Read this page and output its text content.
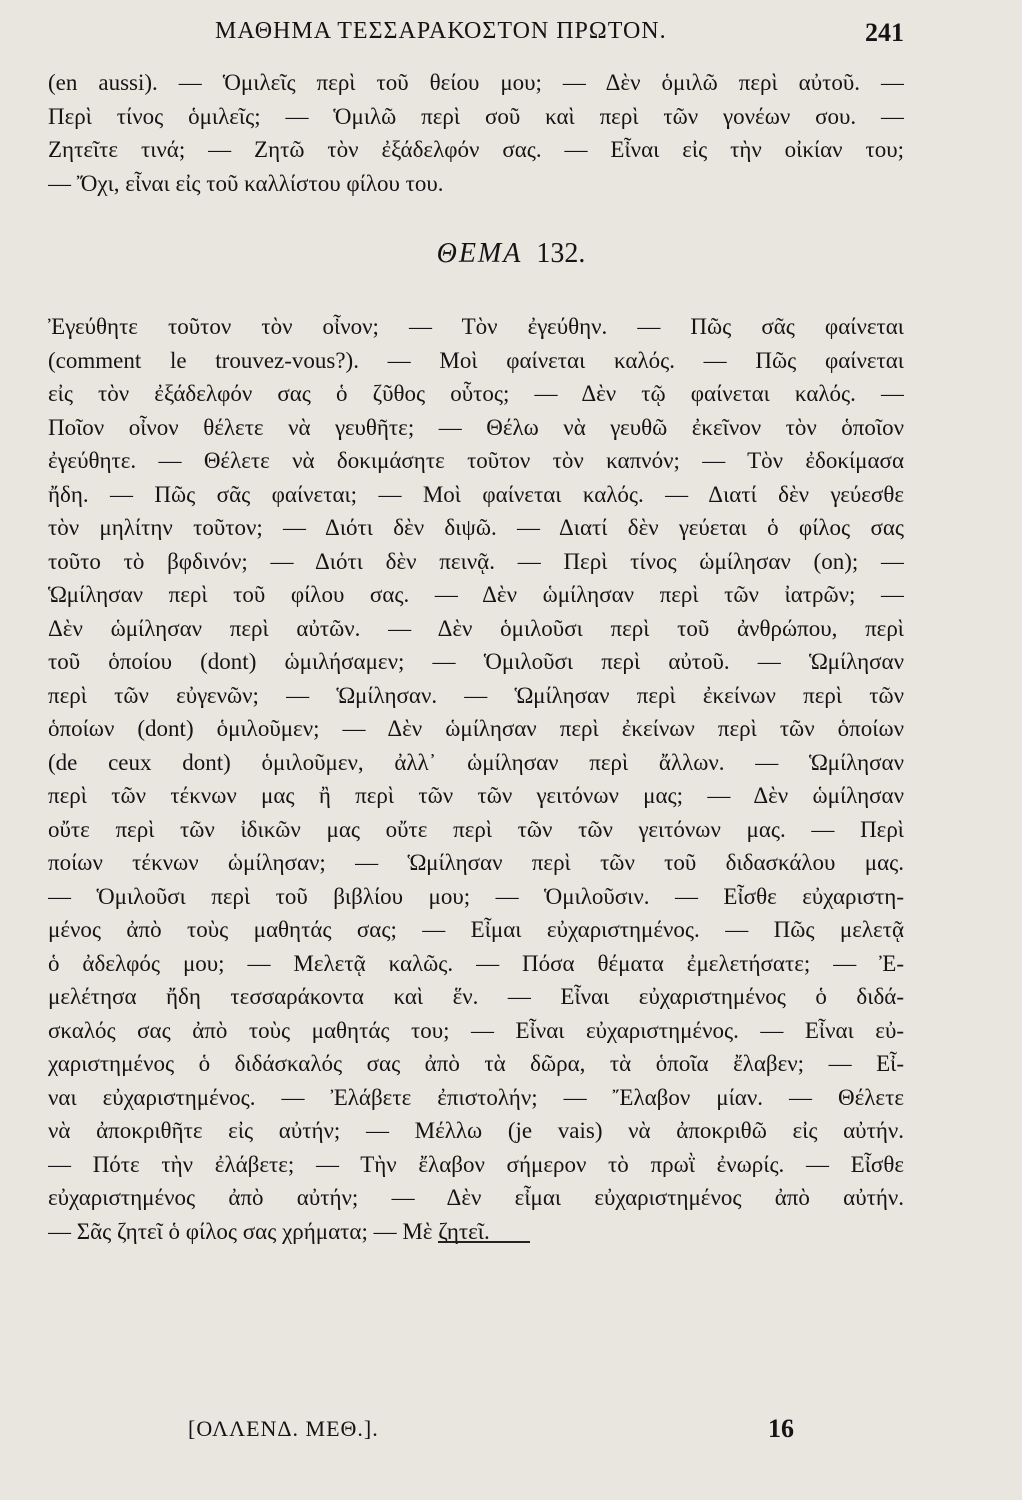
ΜΑΘΗΜΑ ΤΕΣΣΑΡΑΚΟΣΤΟΝ ΠΡΩΤΟΝ.	241
(en aussi). — Ὁμιλεῖς περὶ τοῦ θείου μου; — Δὲν ὁμιλῶ περὶ αὐτοῦ. —
Περὶ τίνος ὁμιλεῖς; — Ὁμιλῶ περὶ σοῦ καὶ περὶ τῶν γονέων σου. —
Ζητεῖτε τινά; — Ζητῶ τὸν ἐξάδελφόν σας. — Εἶναι εἰς τὴν οἰκίαν του;
— Ὄχι, εἶναι εἰς τοῦ καλλίστου φίλου του.
ΘΕΜΑ 132.
Ἐγεύθητε τοῦτον τὸν οἶνον; — Τὸν ἐγεύθην. — Πῶς σᾶς φαίνεται
(comment le trouvez-vous?). — Μοὶ φαίνεται καλός. — Πῶς φαίνεται
εἰς τὸν ἐξάδελφόν σας ὁ ζῦθος οὗτος; — Δὲν τῷ φαίνεται καλός. —
Ποῖον οἶνον θέλετε νὰ γευθῆτε; — Θέλω νὰ γευθῶ ἐκεῖνον τὸν ὁποῖον
ἐγεύθητε. — Θέλετε νὰ δοκιμάσητε τοῦτον τὸν καπνόν; — Τὸν ἐδοκίμασα
ἤδη. — Πῶς σᾶς φαίνεται; — Μοὶ φαίνεται καλός. — Διατί δὲν γεύεσθε
τὸν μηλίτην τοῦτον; — Διότι δὲν διψῶ. — Διατί δὲν γεύεται ὁ φίλος σας
τοῦτο τὸ βφδινόν; — Διότι δὲν πεινᾷ. — Περὶ τίνος ὡμίλησαν (on); —
Ὡμίλησαν περὶ τοῦ φίλου σας. — Δὲν ὡμίλησαν περὶ τῶν ἰατρῶν; —
Δὲν ὡμίλησαν περὶ αὐτῶν. — Δὲν ὁμιλοῦσι περὶ τοῦ ἀνθρώπου, περὶ
τοῦ ὁποίου (dont) ὡμιλήσαμεν; — Ὁμιλοῦσι περὶ αὐτοῦ. — Ὡμίλησαν
περὶ τῶν εὐγενῶν; — Ὡμίλησαν. — Ὡμίλησαν περὶ ἐκείνων περὶ τῶν
ὁποίων (dont) ὁμιλοῦμεν; — Δὲν ὡμίλησαν περὶ ἐκείνων περὶ τῶν ὁποίων
(de ceux dont) ὁμιλοῦμεν, ἀλλ᾽ ὡμίλησαν περὶ ἄλλων. — Ὡμίλησαν
περὶ τῶν τέκνων μας ἢ περὶ τῶν τῶν γειτόνων μας; — Δὲν ὡμίλησαν
οὔτε περὶ τῶν ἰδικῶν μας οὔτε περὶ τῶν τῶν γειτόνων μας. — Περὶ
ποίων τέκνων ὡμίλησαν; — Ὡμίλησαν περὶ τῶν τοῦ διδασκάλου μας.
— Ὁμιλοῦσι περὶ τοῦ βιβλίου μου; — Ὁμιλοῦσιν. — Εἶσθε εὐχαριστη-
μένος ἀπὸ τοὺς μαθητάς σας; — Εἶμαι εὐχαριστημένος. — Πῶς μελετᾷ
ὁ ἀδελφός μου; — Μελετᾷ καλῶς. — Πόσα θέματα ἐμελετήσατε; — Ἐ-
μελέτησα ἤδη τεσσαράκοντα καὶ ἕν. — Εἶναι εὐχαριστημένος ὁ διδά-
σκαλός σας ἀπὸ τοὺς μαθητάς του; — Εἶναι εὐχαριστημένος. — Εἶναι εὐ-
χαριστημένος ὁ διδάσκαλός σας ἀπὸ τὰ δῶρα, τὰ ὁποῖα ἔλαβεν; — Εἶ-
ναι εὐχαριστημένος. — Ἐλάβετε ἐπιστολήν; — Ἔλαβον μίαν. — Θέλετε
νὰ ἀποκριθῆτε εἰς αὐτήν; — Μέλλω (je vais) νὰ ἀποκριθῶ εἰς αὐτήν.
— Πότε τὴν ἐλάβετε; — Τὴν ἔλαβον σήμερον τὸ πρωῒ ἐνωρίς. — Εἶσθε
εὐχαριστημένος ἀπὸ αὐτήν; — Δὲν εἶμαι εὐχαριστημένος ἀπὸ αὐτήν.
— Σᾶς ζητεῖ ὁ φίλος σας χρήματα; — Μὲ ζητεῖ.
[ΟΛΛΕΝΔ. ΜΕΘ.].	16
